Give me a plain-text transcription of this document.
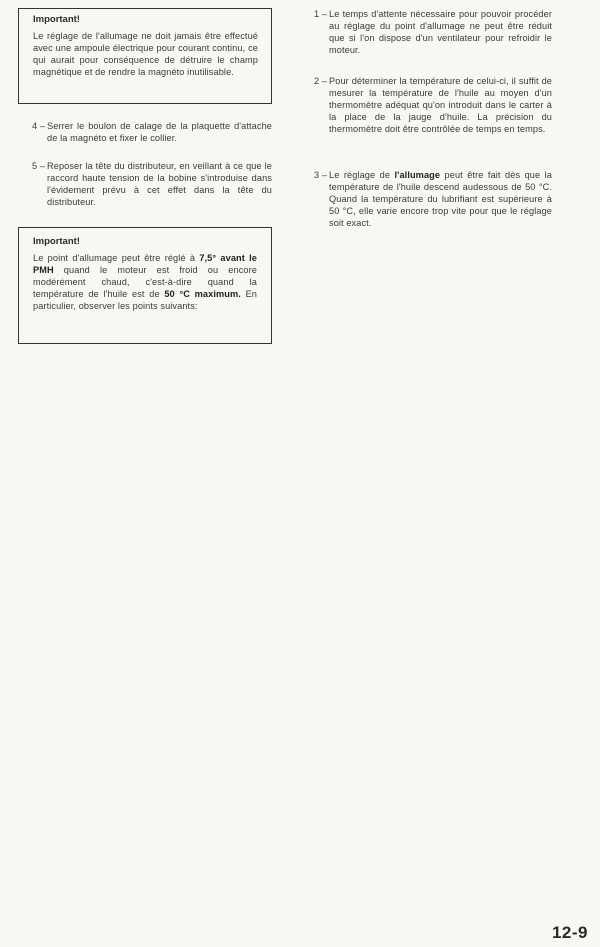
Important!
Le réglage de l'allumage ne doit jamais être effectué avec une ampoule électrique pour courant continu, ce qui aurait pour conséquence de détruire le champ magnétique et de rendre la magnéto inutilisable.
4 – Serrer le boulon de calage de la plaquette d'attache de la magnéto et fixer le collier.
5 – Reposer la tête du distributeur, en veillant à ce que le raccord haute tension de la bobine s'introduise dans l'évidement prévu à cet effet dans la tête du distributeur.
Important!
Le point d'allumage peut être réglé à 7,5° avant le PMH quand le moteur est froid ou encore modérément chaud, c'est-à-dire quand la température de l'huile est de 50 °C maximum. En particulier, observer les points suivants:
1 – Le temps d'attente nécessaire pour pouvoir procéder au réglage du point d'allumage ne peut être réduit que si l'on dispose d'un ventilateur pour refroidir le moteur.
2 – Pour déterminer la température de celui-ci, il suffit de mesurer la température de l'huile au moyen d'un thermomètre adéquat qu'on introduit dans le carter à la place de la jauge d'huile. La précision du thermomètre doit être contrôlée de temps en temps.
3 – Le réglage de l'allumage peut être fait dès que la température de l'huile descend audessous de 50 °C. Quand la température du lubrifiant est supérieure à 50 °C, elle varie encore trop vite pour que le réglage soit exact.
12-9
